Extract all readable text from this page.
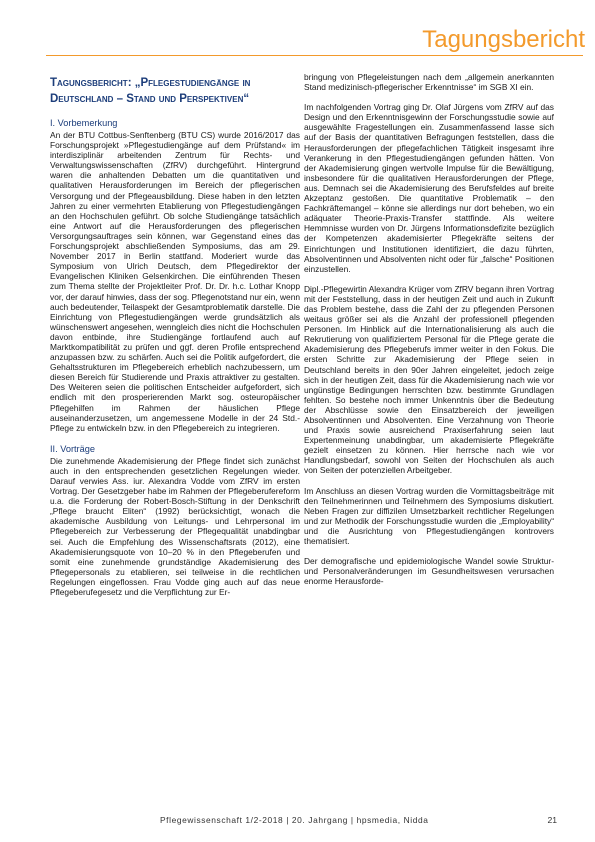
Tagungsbericht
Tagungsbericht: „Pflegestudiengänge in Deutschland – Stand und Perspektiven“
I. Vorbemerkung

An der BTU Cottbus-Senftenberg (BTU CS) wurde 2016/2017 das Forschungsprojekt »Pflegestudiengänge auf dem Prüfstand« im interdisziplinär arbeitenden Zentrum für Rechts- und Verwaltungswissenschaften (ZfRV) durchgeführt. Hintergrund waren die anhaltenden Debatten um die quantitativen und qualitativen Herausforderungen im Bereich der pflegerischen Versorgung und der Pflegeausbildung. Diese haben in den letzten Jahren zu einer vermehrten Etablierung von Pflegestudiengängen an den Hochschulen geführt. Ob solche Studiengänge tatsächlich eine Antwort auf die Herausforderungen des pflegerischen Versorgungsauftrages sein können, war Gegenstand eines das Forschungsprojekt abschließenden Symposiums, das am 29. November 2017 in Berlin stattfand. Moderiert wurde das Symposium von Ulrich Deutsch, dem Pflegedirektor der Evangelischen Kliniken Gelsenkirchen. Die einführenden Thesen zum Thema stellte der Projektleiter Prof. Dr. Dr. h.c. Lothar Knopp vor, der darauf hinwies, dass der sog. Pflegenotstand nur ein, wenn auch bedeutender, Teilaspekt der Gesamtproblematik darstelle. Die Einrichtung von Pflegestudiengängen werde grundsätzlich als wünschenswert angesehen, wenngleich dies nicht die Hochschulen davon entbinde, ihre Studiengänge fortlaufend auch auf Marktkompatibilität zu prüfen und ggf. deren Profile entsprechend anzupassen bzw. zu schärfen. Auch sei die Politik aufgefordert, die Gehaltsstrukturen im Pflegebereich erheblich nachzubessern, um diesen Bereich für Studierende und Praxis attraktiver zu gestalten. Des Weiteren seien die politischen Entscheider aufgefordert, sich endlich mit den prosperierenden Markt sog. osteuropäischer Pflegehilfen im Rahmen der häuslichen Pflege auseinanderzusetzen, um angemessene Modelle in der 24 Std.-Pflege zu entwickeln bzw. in den Pflegebereich zu integrieren.

II. Vorträge

Die zunehmende Akademisierung der Pflege findet sich zunächst auch in den entsprechenden gesetzlichen Regelungen wieder. Darauf verwies Ass. iur. Alexandra Vodde vom ZfRV im ersten Vortrag. Der Gesetzgeber habe im Rahmen der Pflegeberufereform u.a. die Forderung der Robert-Bosch-Stiftung in der Denkschrift „Pflege braucht Eliten“ (1992) berücksichtigt, wonach die akademische Ausbildung von Leitungs- und Lehrpersonal im Pflegebereich zur Verbesserung der Pflegequalität unabdingbar sei. Auch die Empfehlung des Wissenschaftsrats (2012), eine Akademisierungsquote von 10–20 % in den Pflegeberufen und somit eine zunehmende grundständige Akademisierung des Pflegepersonals zu etablieren, sei teilweise in die rechtlichen Regelungen eingeflossen. Frau Vodde ging auch auf das neue Pflegeberufegesetz und die Verpflichtung zur Er-

bringung von Pflegeleistungen nach dem „allgemein anerkannten Stand medizinisch-pflegerischer Erkenntnisse“ im SGB XI ein.

Im nachfolgenden Vortrag ging Dr. Olaf Jürgens vom ZfRV auf das Design und den Erkenntnisgewinn der Forschungsstudie sowie auf ausgewählte Fragestellungen ein. Zusammenfassend lasse sich auf der Basis der quantitativen Befragungen feststellen, dass die Herausforderungen der pflegefachlichen Tätigkeit insgesamt ihre Verankerung in den Pflegestudiengängen gefunden hätten. Von der Akademisierung gingen wertvolle Impulse für die Bewältigung, insbesondere für die qualitativen Herausforderungen der Pflege, aus. Demnach sei die Akademisierung des Berufsfeldes auf breite Akzeptanz gestoßen. Die quantitative Problematik – den Fachkräftemangel – könne sie allerdings nur dort beheben, wo ein adäquater Theorie-Praxis-Transfer stattfinde. Als weitere Hemmnisse wurden von Dr. Jürgens Informationsdefizite bezüglich der Kompetenzen akademisierter Pflegekräfte seitens der Einrichtungen und Institutionen identifiziert, die dazu führten, Absolventinnen und Absolventen nicht oder für „falsche“ Positionen einzustellen.

Dipl.-Pflegewirtin Alexandra Krüger vom ZfRV begann ihren Vortrag mit der Feststellung, dass in der heutigen Zeit und auch in Zukunft das Problem bestehe, dass die Zahl der zu pflegenden Personen weitaus größer sei als die Anzahl der professionell pflegenden Personen. Im Hinblick auf die Internationalisierung als auch die Rekrutierung von qualifiziertem Personal für die Pflege gerate die Akademisierung des Pflegeberufs immer weiter in den Fokus. Die ersten Schritte zur Akademisierung der Pflege seien in Deutschland bereits in den 90er Jahren eingeleitet, jedoch zeige sich in der heutigen Zeit, dass für die Akademisierung nach wie vor ungünstige Bedingungen herrschten bzw. bestimmte Grundlagen fehlten. So bestehe noch immer Unkenntnis über die Bedeutung der Abschlüsse sowie den Einsatzbereich der jeweiligen Absolventinnen und Absolventen. Eine Verzahnung von Theorie und Praxis sowie ausreichend Praxiserfahrung seien laut Expertenmeinung unabdingbar, um akademisierte Pflegekräfte gezielt einsetzen zu können. Hier herrsche nach wie vor Handlungsbedarf, sowohl von Seiten der Hochschulen als auch von Seiten der potenziellen Arbeitgeber.

Im Anschluss an diesen Vortrag wurden die Vormittagsbeiträge mit den Teilnehmerinnen und Teilnehmern des Symposiums diskutiert. Neben Fragen zur diffizilen Umsetzbarkeit rechtlicher Regelungen und zur Methodik der Forschungsstudie wurden die „Employability“ und die Ausrichtung von Pflegestudiengängen kontrovers thematisiert.

Der demografische und epidemiologische Wandel sowie Struktur- und Personalveränderungen im Gesundheitswesen verursachen enorme Herausforde-

Pflegewissenschaft 1/2-2018 | 20. Jahrgang | hpsmedia, Nidda	21
